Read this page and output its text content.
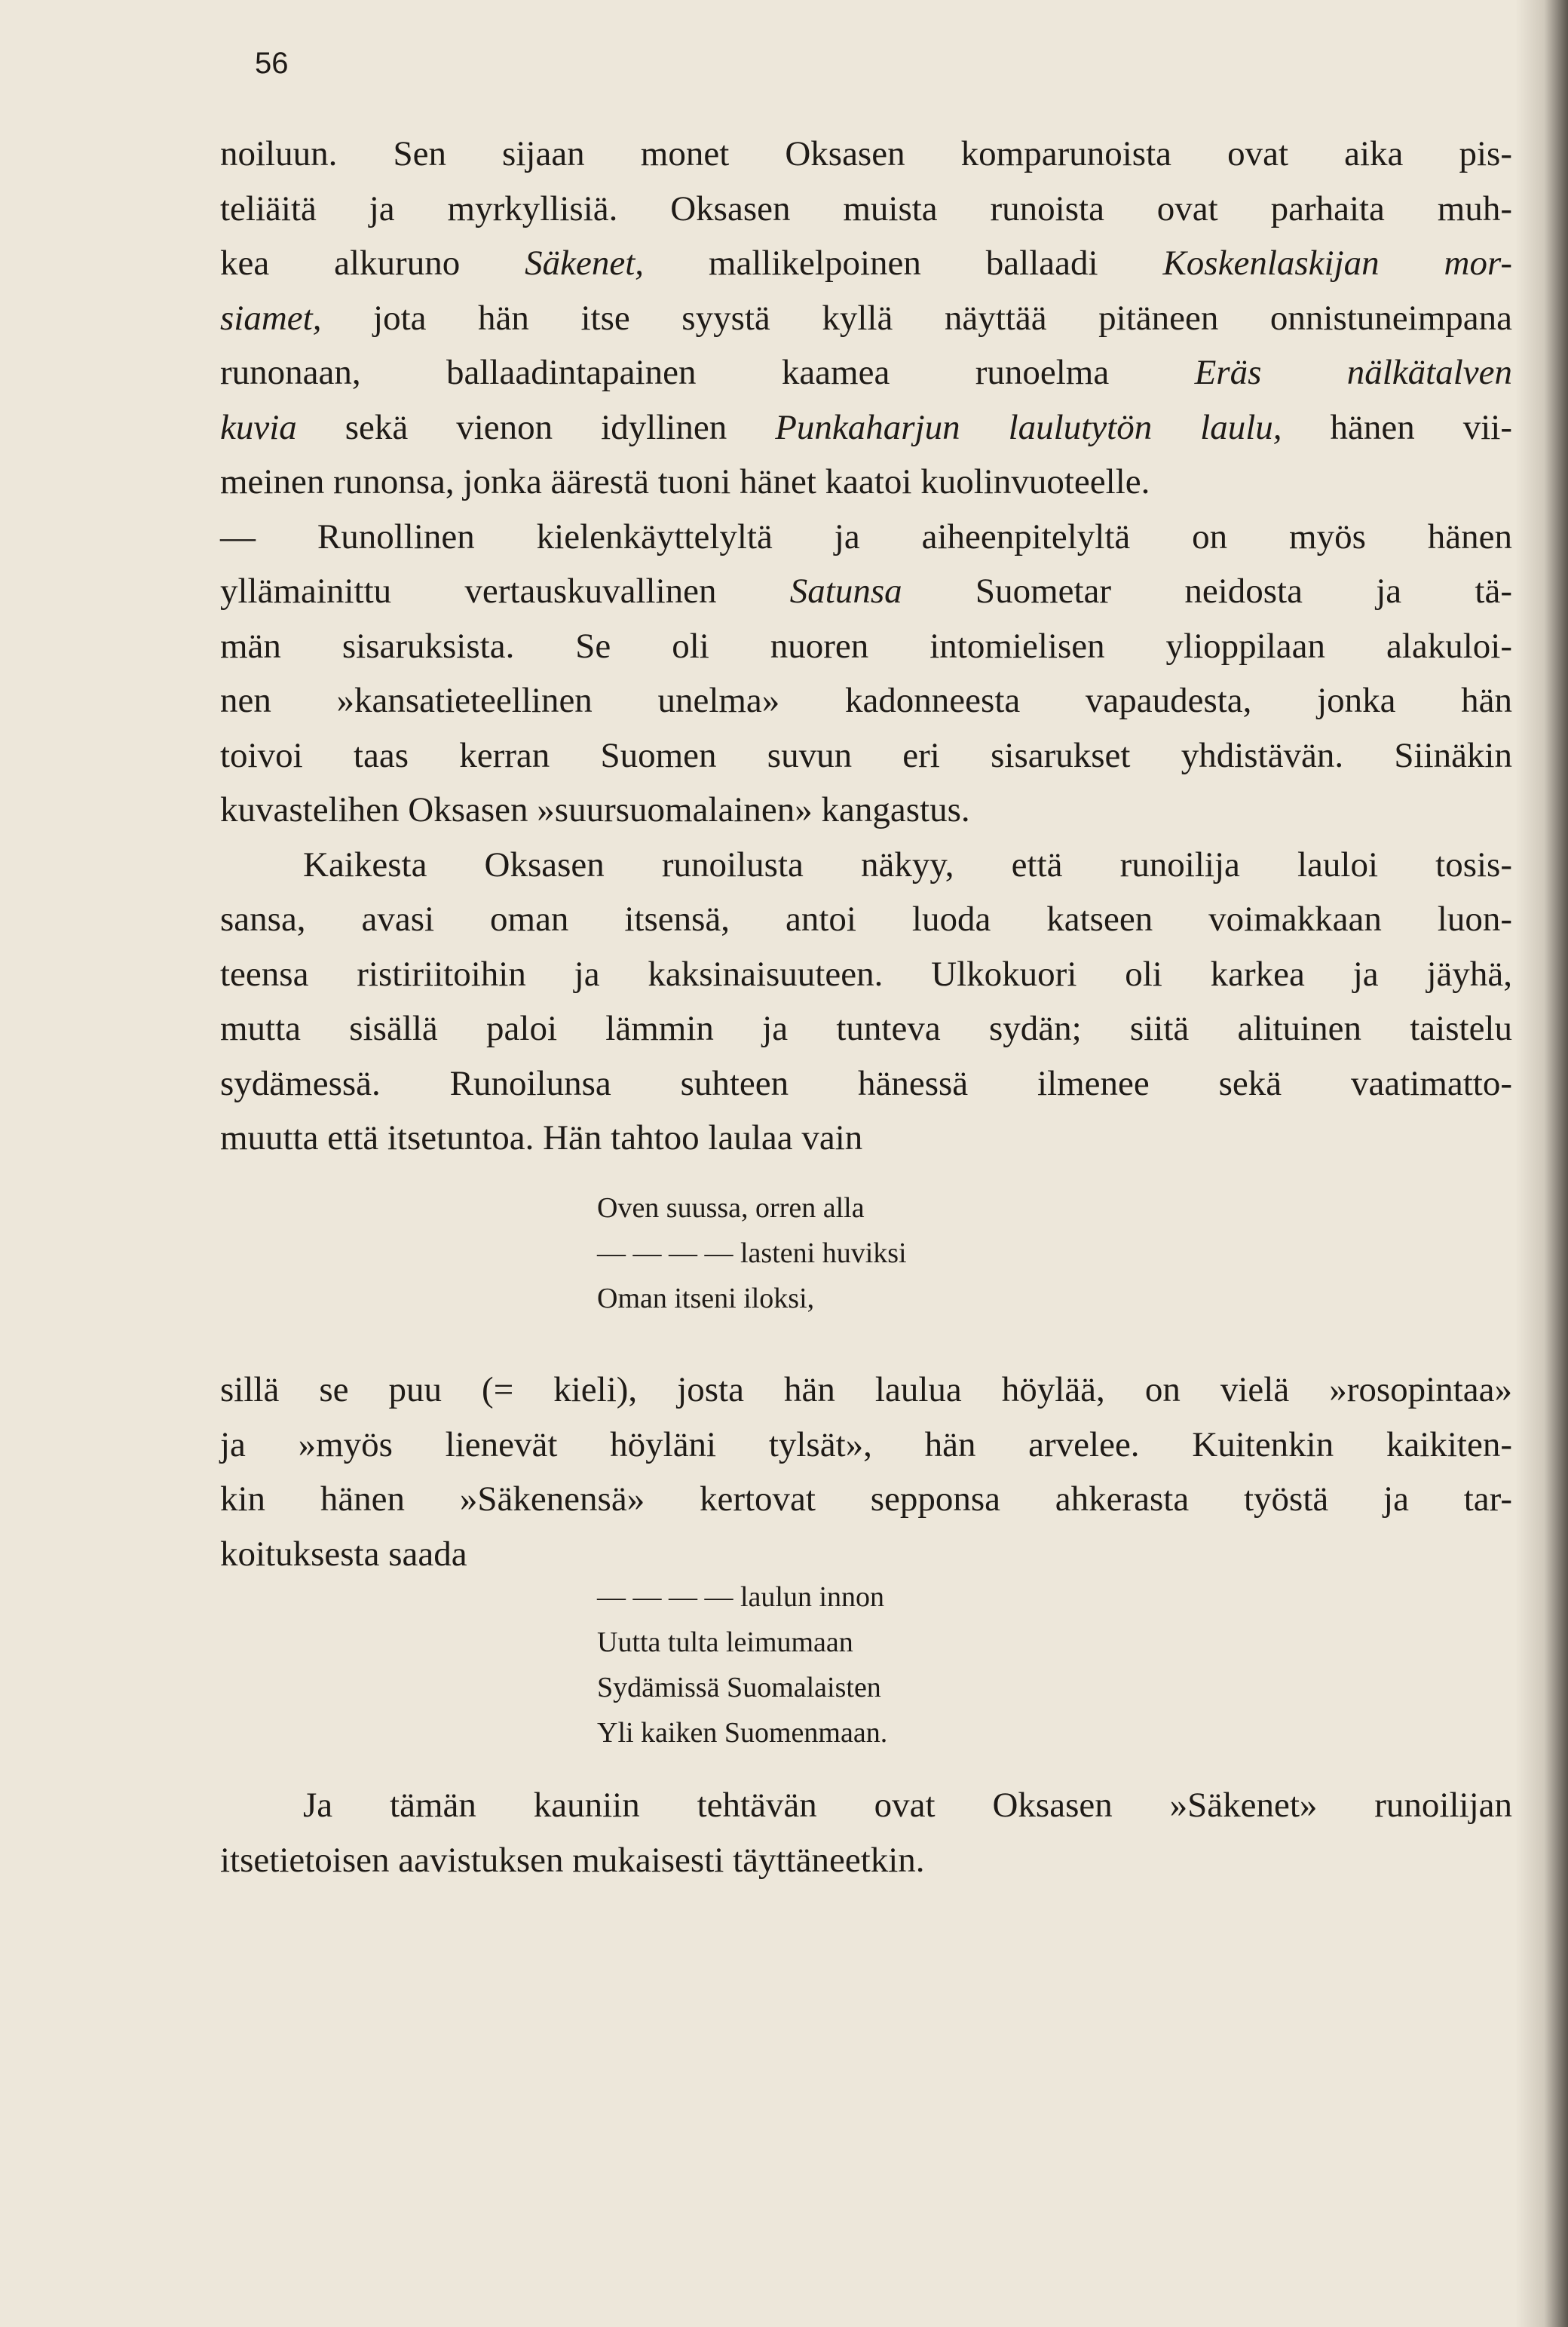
56
noiluun. Sen sijaan monet Oksasen komparunoista ovat aika pis-
teliäitä ja myrkyllisiä. Oksasen muista runoista ovat parhaita muh-
kea alkuruno Säkenet, mallikelpoinen ballaadi Koskenlaskijan mor-
siamet, jota hän itse syystä kyllä näyttää pitäneen onnistuneimpana
runonaan, ballaadintapainen kaamea runoelma Eräs nälkätalven
kuvia sekä vienon idyllinen Punkaharjun laulutytön laulu, hänen vii-
meinen runonsa, jonka äärestä tuoni hänet kaatoi kuolinvuoteelle.
— Runollinen kielenkäyttelyltä ja aiheenpitelyltä on myös hänen
yllämainittu vertauskuvallinen Satunsa Suometar neidosta ja tä-
män sisaruksista. Se oli nuoren intomielisen ylioppilaan alakuloi-
nen »kansatieteellinen unelma» kadonneesta vapaudesta, jonka hän
toivoi taas kerran Suomen suvun eri sisarukset yhdistävän. Siinäkin
kuvastelihen Oksasen »suursuomalainen» kangastus.
Kaikesta Oksasen runoilusta näkyy, että runoilija lauloi tosis-
sansa, avasi oman itsensä, antoi luoda katseen voimakkaan luon-
teensa ristiriitoihin ja kaksinaisuuteen. Ulkokuori oli karkea ja jäyhä,
mutta sisällä paloi lämmin ja tunteva sydän; siitä alituinen taistelu
sydämessä. Runoilunsa suhteen hänessä ilmenee sekä vaatimatto-
muutta että itsetuntoa. Hän tahtoo laulaa vain
Oven suussa, orren alla
— — — — lasteni huviksi
Oman itseni iloksi,
sillä se puu (= kieli), josta hän laulua höylää, on vielä »rosopintaa»
ja »myös lienevät höyläni tylsät», hän arvelee. Kuitenkin kaikiten-
kin hänen »Säkenensä» kertovat sepponsa ahkerasta työstä ja tar-
koituksesta saada
— — — — laulun innon
Uutta tulta leimumaan
Sydämissä Suomalaisten
Yli kaiken Suomenmaan.
Ja tämän kauniin tehtävän ovat Oksasen »Säkenet» runoilijan
itsetietoisen aavistuksen mukaisesti täyttäneetkin.
